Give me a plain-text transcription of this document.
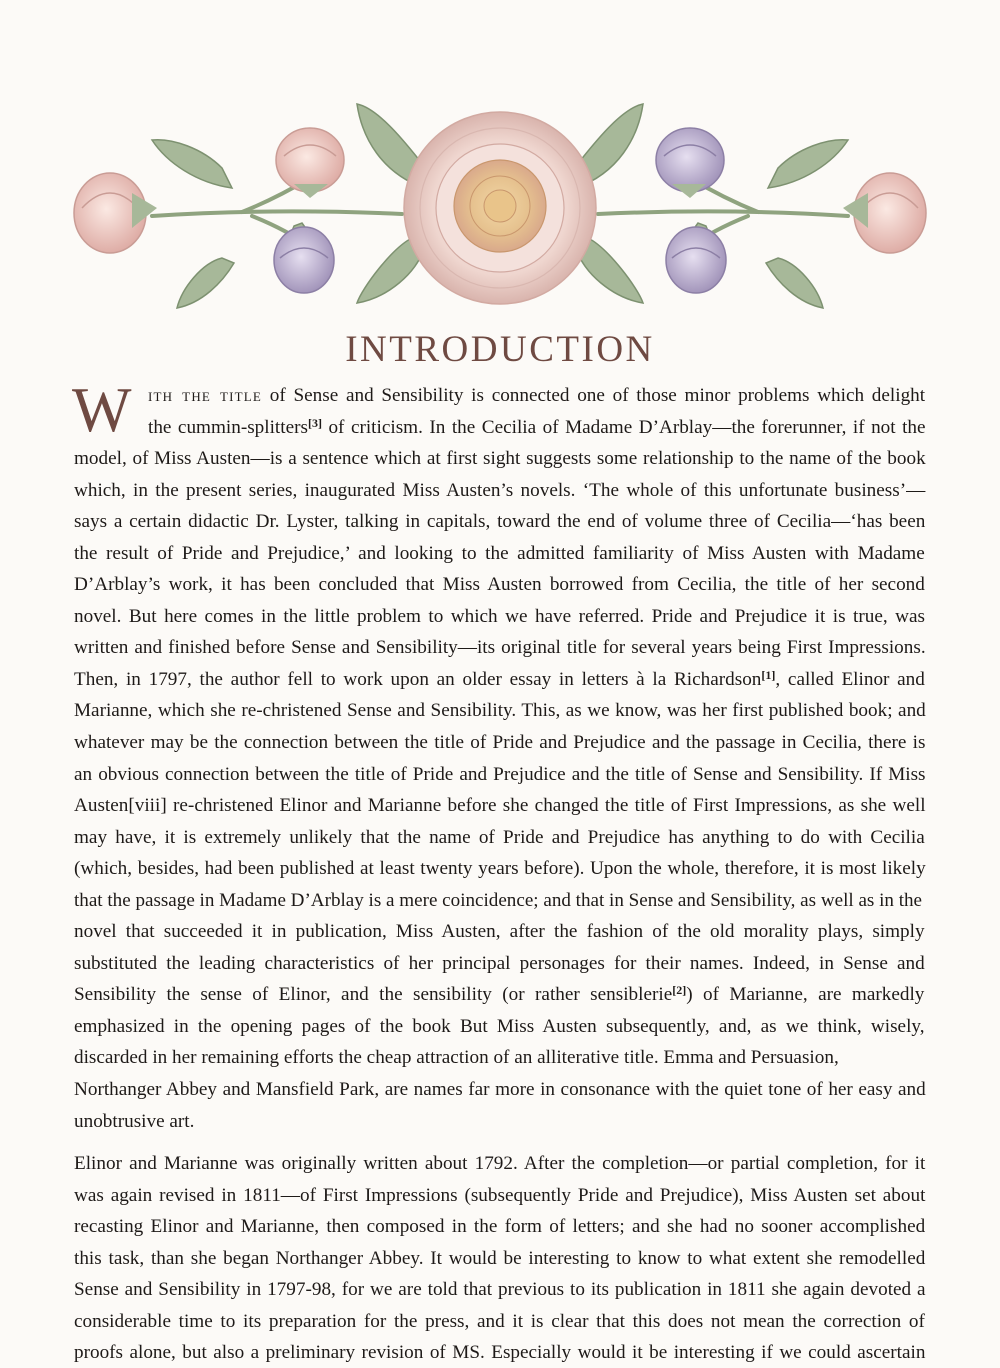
INTRODUCTION
W ith the title of Sense and Sensibility is connected one of those minor problems which delight
the cummin-splitters[3] of criticism. In the Cecilia of Madame D’Arblay—the forerunner, if not the
model, of Miss Austen—is a sentence which at first sight suggests some relationship to the name of the book
which, in the present series, inaugurated Miss Austen’s novels. ‘The whole of this unfortunate business’—
says a certain didactic Dr. Lyster, talking in capitals, toward the end of volume three of Cecilia—‘has been
the result of Pride and Prejudice,’ and looking to the admitted familiarity of Miss Austen with Madame
D’Arblay’s work, it has been concluded that Miss Austen borrowed from Cecilia, the title of her second
novel. But here comes in the little problem to which we have referred. Pride and Prejudice it is true, was
written and finished before Sense and Sensibility—its original title for several years being First Impressions.
Then, in 1797, the author fell to work upon an older essay in letters à la Richardson[1], called Elinor and
Marianne, which she re-christened Sense and Sensibility. This, as we know, was her first published book; and
whatever may be the connection between the title of Pride and Prejudice and the passage in Cecilia, there is
an obvious connection between the title of Pride and Prejudice and the title of Sense and Sensibility. If Miss
Austen[viii] re-christened Elinor and Marianne before she changed the title of First Impressions, as she well
may have, it is extremely unlikely that the name of Pride and Prejudice has anything to do with Cecilia
(which, besides, had been published at least twenty years before). Upon the whole, therefore, it is most likely
that the passage in Madame D’Arblay is a mere coincidence; and that in Sense and Sensibility, as well as in the
novel that succeeded it in publication, Miss Austen, after the fashion of the old morality plays, simply
substituted the leading characteristics of her principal personages for their names. Indeed, in Sense and
Sensibility the sense of Elinor, and the sensibility (or rather sensiblerie[2]) of Marianne, are markedly
emphasized in the opening pages of the book But Miss Austen subsequently, and, as we think, wisely,
discarded in her remaining efforts the cheap attraction of an alliterative title. Emma and Persuasion,
Northanger Abbey and Mansfield Park, are names far more in consonance with the quiet tone of her easy and
unobtrusive art.
Elinor and Marianne was originally written about 1792. After the completion—or partial completion, for it
was again revised in 1811—of First Impressions (subsequently Pride and Prejudice), Miss Austen set about
recasting Elinor and Marianne, then composed in the form of letters; and she had no sooner accomplished
this task, than she began Northanger Abbey. It would be interesting to know to what extent she remodelled
Sense and Sensibility in 1797-98, for we are told that previous to its publication in 1811 she again devoted a
considerable time to its preparation for the press, and it is clear that this does not mean the correction of
proofs alone, but also a preliminary revision of MS. Especially would it be interesting if we could ascertain
